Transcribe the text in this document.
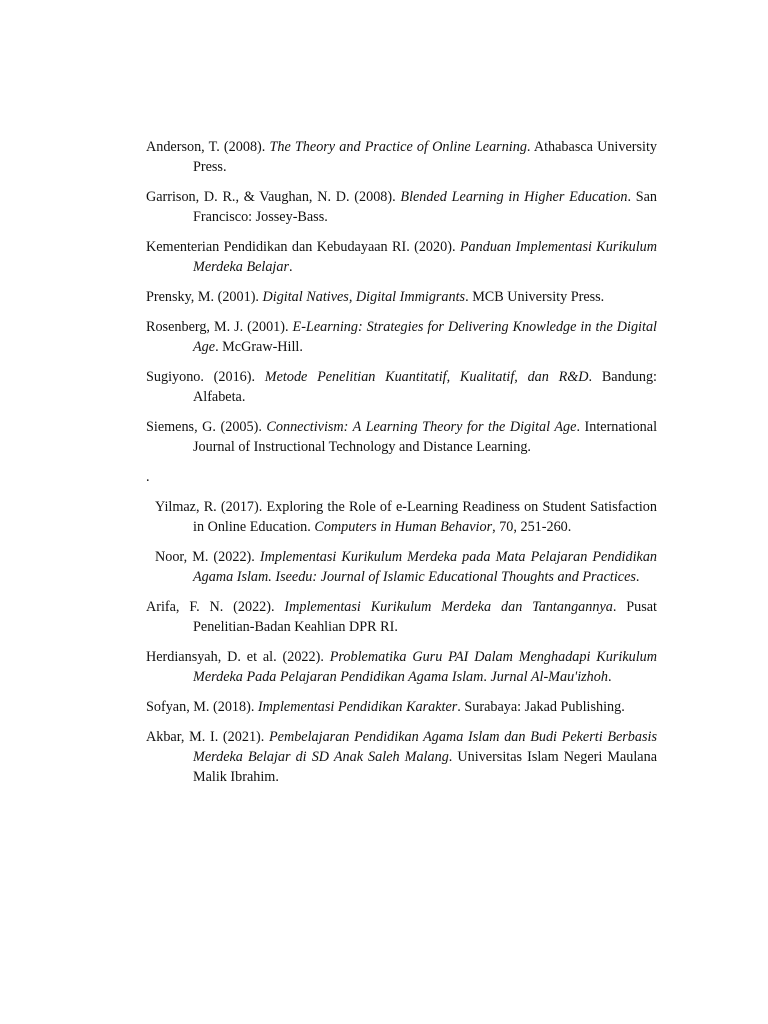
Anderson, T. (2008). The Theory and Practice of Online Learning. Athabasca University Press.

Garrison, D. R., & Vaughan, N. D. (2008). Blended Learning in Higher Education. San Francisco: Jossey-Bass.

Kementerian Pendidikan dan Kebudayaan RI. (2020). Panduan Implementasi Kurikulum Merdeka Belajar.

Prensky, M. (2001). Digital Natives, Digital Immigrants. MCB University Press.

Rosenberg, M. J. (2001). E-Learning: Strategies for Delivering Knowledge in the Digital Age. McGraw-Hill.

Sugiyono. (2016). Metode Penelitian Kuantitatif, Kualitatif, dan R&D. Bandung: Alfabeta.

Siemens, G. (2005). Connectivism: A Learning Theory for the Digital Age. International Journal of Instructional Technology and Distance Learning.

.

Yilmaz, R. (2017). Exploring the Role of e-Learning Readiness on Student Satisfaction in Online Education. Computers in Human Behavior, 70, 251-260.

Noor, M. (2022). Implementasi Kurikulum Merdeka pada Mata Pelajaran Pendidikan Agama Islam. Iseedu: Journal of Islamic Educational Thoughts and Practices.

Arifa, F. N. (2022). Implementasi Kurikulum Merdeka dan Tantangannya. Pusat Penelitian-Badan Keahlian DPR RI.

Herdiansyah, D. et al. (2022). Problematika Guru PAI Dalam Menghadapi Kurikulum Merdeka Pada Pelajaran Pendidikan Agama Islam. Jurnal Al-Mau'izhoh.

Sofyan, M. (2018). Implementasi Pendidikan Karakter. Surabaya: Jakad Publishing.

Akbar, M. I. (2021). Pembelajaran Pendidikan Agama Islam dan Budi Pekerti Berbasis Merdeka Belajar di SD Anak Saleh Malang. Universitas Islam Negeri Maulana Malik Ibrahim.
